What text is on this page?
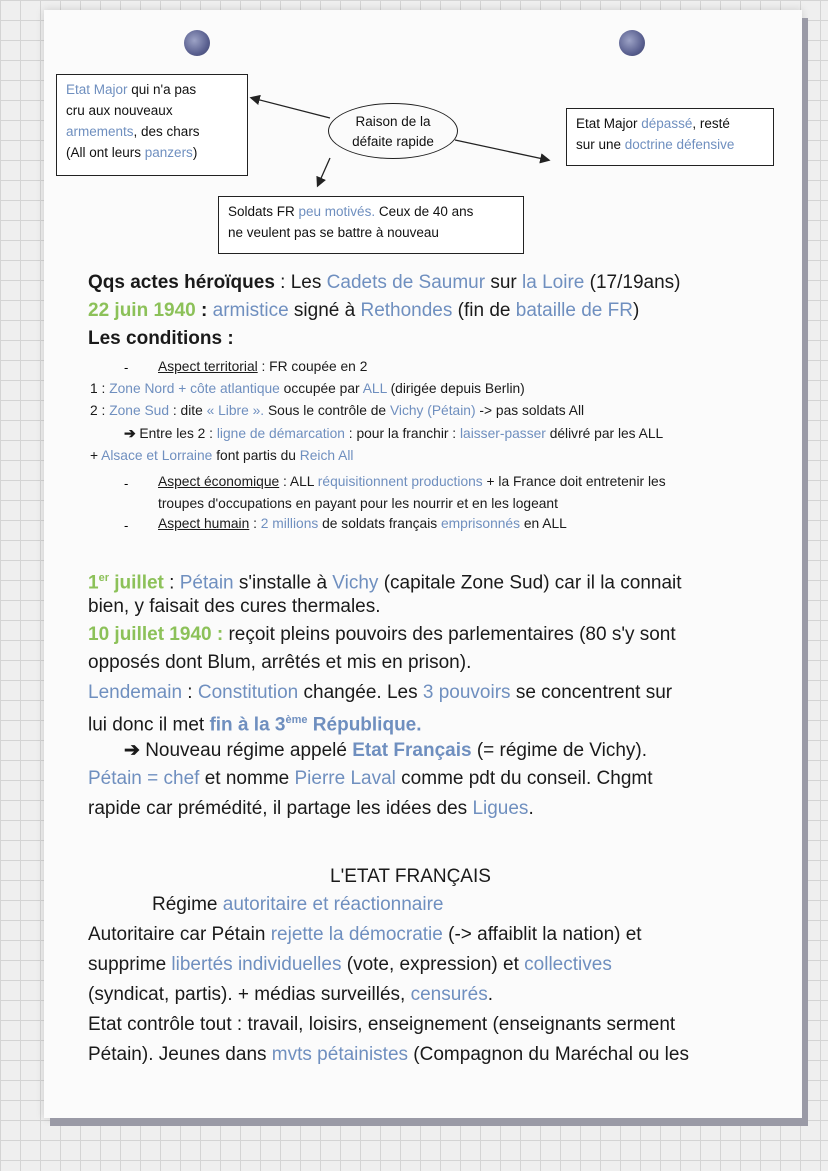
Raison de la
défaite rapide
Etat Major qui n'a pas
cru aux nouveaux
armements, des chars
(All ont leurs panzers)
Etat Major dépassé, resté
sur une doctrine défensive
Soldats FR peu motivés. Ceux de 40 ans
ne veulent pas se battre à nouveau
Qqs actes héroïques : Les Cadets de Saumur sur la Loire (17/19ans)
22 juin 1940 : armistice signé à Rethondes (fin de bataille de FR)
Les conditions :
- Aspect territorial : FR coupée en 2
1 : Zone Nord + côte atlantique occupée par ALL (dirigée depuis Berlin)
2 : Zone Sud : dite « Libre ». Sous le contrôle de Vichy (Pétain) -> pas soldats All
➔ Entre les 2 : ligne de démarcation : pour la franchir : laisser-passer délivré par les ALL
+ Alsace et Lorraine font partis du Reich All
- Aspect économique : ALL réquisitionnent productions + la France doit entretenir les
troupes d'occupations en payant pour les nourrir et en les logeant
- Aspect humain : 2 millions de soldats français emprisonnés en ALL
1er juillet : Pétain s'installe à Vichy (capitale Zone Sud) car il la connait
bien, y faisait des cures thermales.
10 juillet 1940 : reçoit pleins pouvoirs des parlementaires (80 s'y sont
opposés dont Blum, arrêtés et mis en prison).
Lendemain : Constitution changée. Les 3 pouvoirs se concentrent sur
lui donc il met fin à la 3ème République.
➔ Nouveau régime appelé Etat Français (= régime de Vichy).
Pétain = chef et nomme Pierre Laval comme pdt du conseil. Chgmt
rapide car prémédité, il partage les idées des Ligues.
L'ETAT FRANÇAIS
Régime autoritaire et réactionnaire
Autoritaire car Pétain rejette la démocratie (-> affaiblit la nation) et
supprime libertés individuelles (vote, expression) et collectives
(syndicat, partis). + médias surveillés, censurés.
Etat contrôle tout : travail, loisirs, enseignement (enseignants serment
Pétain). Jeunes dans mvts pétainistes (Compagnon du Maréchal ou les
